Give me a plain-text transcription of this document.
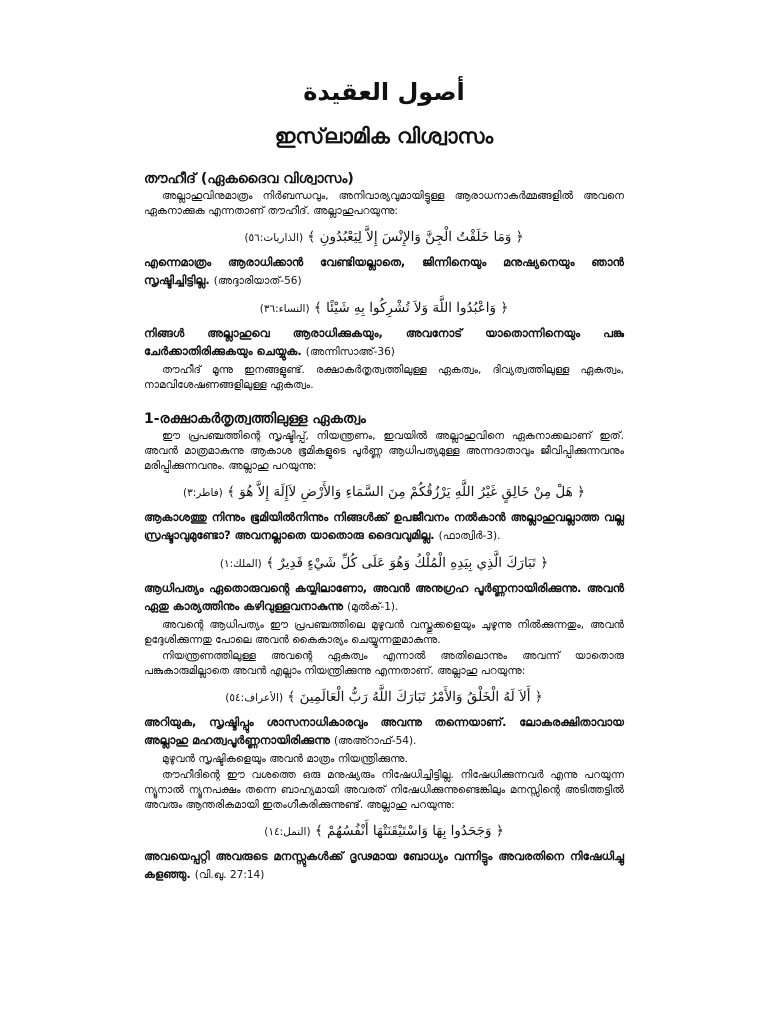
أصول العقيدة
ഇസ്‌ലാമിക വിശ്വാസം
തൗഹീദ് (ഏകദൈവ വിശ്വാസം)
അല്ലാഹുവിനുമാത്രം നിർബന്ധവും, അനിവാര്യവുമായിട്ടുള്ള ആരാധനാകർമ്മങ്ങളിൽ അവനെ ഏകനാക്കുക എന്നതാണ് തൗഹീദ്. അല്ലാഹുപറയുന്നു:
﴿ وَمَا خَلَقْتُ الْجِنَّ وَالإِنْسَ إِلاَّ لِيَعْبُدُونِ ﴾ (الذاريات:٥٦)
എന്നെമാത്രം ആരാധിക്കാൻ വേണ്ടിയല്ലാതെ, ജിന്നിനെയും മനുഷ്യനെയും ഞാൻ സൃഷ്ടിച്ചിട്ടില്ല. (അദ്ദാരിയാത്-56)
﴿ وَاعْبُدُوا اللَّهَ وَلاَ تُشْرِكُوا بِهِ شَيْئًا ﴾ (النساء:٣٦)
നിങ്ങൾ അല്ലാഹുവെ ആരാധിക്കുകയും, അവനോട് യാതൊന്നിനെയും പങ്കു ചേർക്കാതിരിക്കുകയും ചെയ്യുക. (അന്നിസാഅ്-36)
തൗഹീദ് മൂന്നു ഇനങ്ങളുണ്ട്. രക്ഷാകർതൃത്വത്തിലുള്ള ഏകത്വം, ദിവ്യത്വത്തിലുള്ള ഏകത്വം, നാമവിശേഷണങ്ങളിലുള്ള ഏകത്വം.
1-രക്ഷാകർതൃത്വത്തിലുള്ള ഏകത്വം
ഈ പ്രപഞ്ചത്തിന്റെ സൃഷ്ടിപ്പ്, നിയന്ത്രണം, ഇവയിൽ അല്ലാഹുവിനെ ഏകനാക്കലാണ് ഇത്. അവൻ മാത്രമാകുന്നു ആകാശ ഭൂമികളുടെ പൂർണ്ണ ആധിപത്യമുള്ള അന്നദാതാവും ജീവിപ്പിക്കുന്നവനും മരിപ്പിക്കുന്നവനും. അല്ലാഹു പറയുന്നു:
﴿ هَلْ مِنْ خَالِقٍ غَيْرُ اللَّهِ يَرْزُقُكُمْ مِنَ السَّمَاءِ وَالأَرْضِ لاَإِلَهَ إِلاَّ هُوَ ﴾ (فاطر:٣)
ആകാശത്തു നിന്നും ഭൂമിയിൽനിന്നും നിങ്ങൾക്ക് ഉപജീവനം നൽകാൻ അല്ലാഹുവല്ലാത്ത വല്ല സ്രഷ്ടാവുമുണ്ടോ? അവനല്ലാതെ യാതൊരു ദൈവവുമില്ല. (ഫാത്വിർ-3).
﴿ تَبَارَكَ الَّذِي بِيَدِهِ الْمُلْكُ وَهُوَ عَلَى كُلِّ شَيْءٍ قَدِيرٌ ﴾ (الملك:١)
ആധിപത്യം ഏതൊരുവന്റെ കയ്യിലാണോ, അവൻ അനുഗ്രഹ പൂർണ്ണനായിരിക്കുന്നു. അവൻ ഏതു കാര്യത്തിനും കഴിവുള്ളവനാകുന്നു (മുൽക്-1).
അവന്റെ ആധിപത്യം ഈ പ്രപഞ്ചത്തിലെ മുഴുവൻ വസ്തുക്കളെയും ചുഴുന്നു നിൽക്കുന്നതും, അവൻ ഉദ്ദേശിക്കുന്നതു പോലെ അവൻ കൈകാര്യം ചെയ്യുന്നതുമാകുന്നു.
നിയന്ത്രണത്തിലുള്ള അവന്റെ ഏകത്വം എന്നാൽ അതിലൊന്നും അവന്ന് യാതൊരു പങ്കുകാരുമില്ലാതെ അവൻ എല്ലാം നിയന്ത്രിക്കുന്നു എന്നതാണ്. അല്ലാഹു പറയുന്നു:
﴿ أَلاَ لَهُ الْخَلْقُ وَالأَمْرُ تَبَارَكَ اللَّهُ رَبُّ الْعَالَمِينَ ﴾ (الأعراف:٥٤)
അറിയുക, സൃഷ്ടിപ്പും ശാസനാധികാരവും അവന്നു തന്നെയാണ്. ലോകരക്ഷിതാവായ അല്ലാഹു മഹത്വപൂർണ്ണനായിരിക്കുന്നു (അഅ്റാഫ്-54).
മുഴുവൻ സൃഷ്ടികളെയും അവൻ മാത്രം നിയന്ത്രിക്കുന്നു.
തൗഹീദിന്റെ ഈ വശത്തെ ഒരു മനുഷ്യരും നിഷേധിച്ചിട്ടില്ല. നിഷേധിക്കുന്നവർ എന്നു പറയുന്ന ന്യൂനാൽ ന്യൂനപക്ഷം തന്നെ ബാഹ്യമായി അവരത് നിഷേധിക്കുന്നുണ്ടെങ്കിലും മനസ്സിന്റെ അടിത്തട്ടിൽ അവരും ആന്തരികമായി ഇതംഗീകരിക്കുന്നുണ്ട്. അല്ലാഹു പറയുന്നു:
﴿ وَجَحَدُوا بِهَا وَاسْتَيْقَنَتْهَا أَنْفُسُهُمْ ﴾ (النمل:١٤)
അവയെപ്പറ്റി അവരുടെ മനസ്സുകൾക്ക് ദൃഢമായ ബോധ്യം വന്നിട്ടും അവരതിനെ നിഷേധിച്ചു കളഞ്ഞു. (വി.ഖു. 27:14)
